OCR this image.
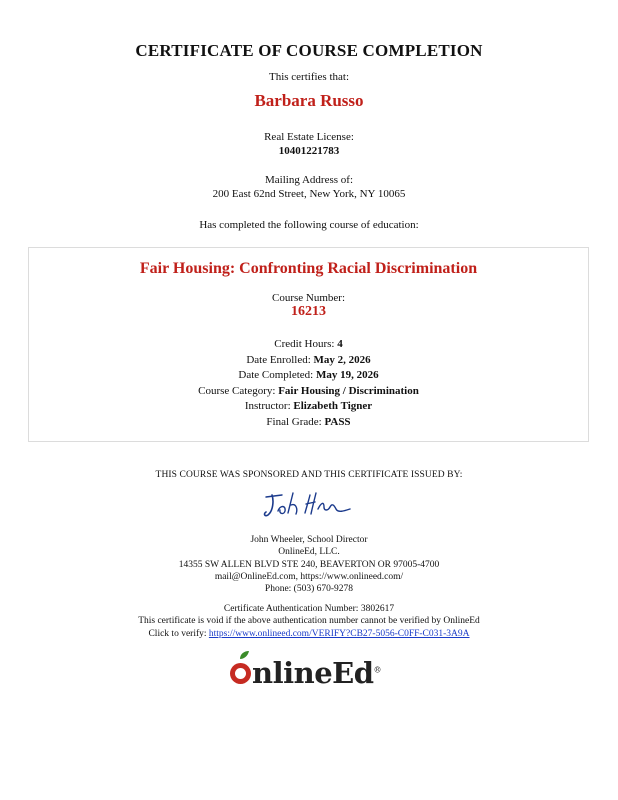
CERTIFICATE OF COURSE COMPLETION
This certifies that:
Barbara Russo
Real Estate License:
10401221783
Mailing Address of:
200 East 62nd Street, New York, NY 10065
Has completed the following course of education:
Fair Housing: Confronting Racial Discrimination
Course Number:
16213
Credit Hours: 4
Date Enrolled: May 2, 2026
Date Completed: May 19, 2026
Course Category: Fair Housing / Discrimination
Instructor: Elizabeth Tigner
Final Grade: PASS
THIS COURSE WAS SPONSORED AND THIS CERTIFICATE ISSUED BY:
John Wheeler, School Director
OnlineEd, LLC.
14355 SW ALLEN BLVD STE 240, BEAVERTON OR 97005-4700
mail@OnlineEd.com, https://www.onlineed.com/
Phone: (503) 670-9278
Certificate Authentication Number: 3802617
This certificate is void if the above authentication number cannot be verified by OnlineEd
Click to verify: https://www.onlineed.com/VERIFY?CB27-5056-C0FF-C031-3A9A
nlineEd®
